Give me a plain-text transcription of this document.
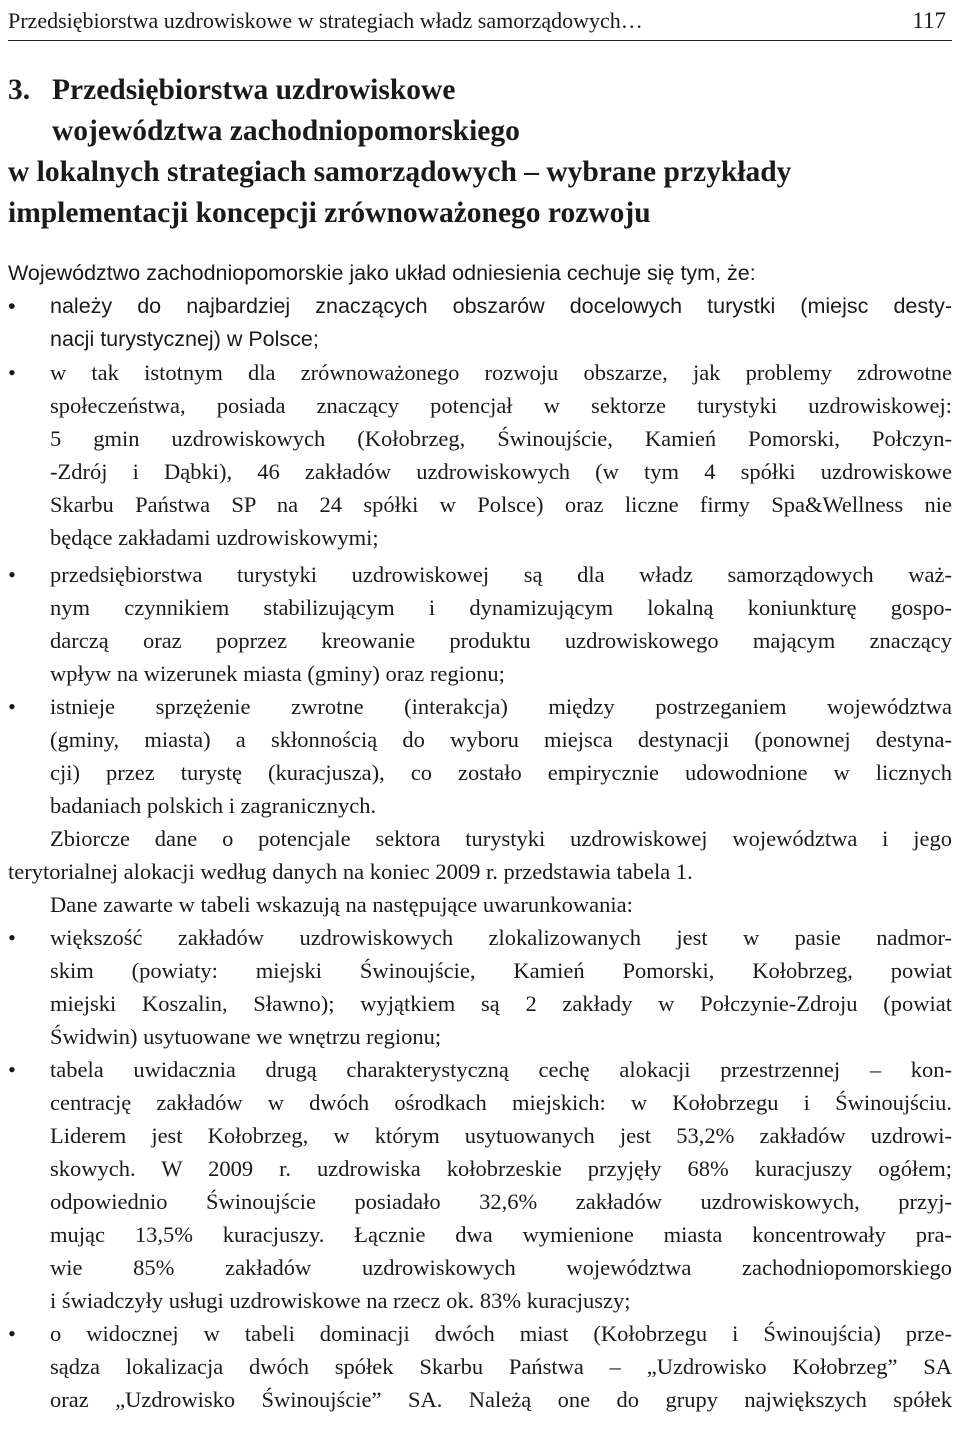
Przedsiębiorstwa uzdrowiskowe w strategiach władz samorządowych…	117
3. Przedsiębiorstwa uzdrowiskowe
województwa zachodniopomorskiego
w lokalnych strategiach samorządowych – wybrane przykłady
implementacji koncepcji zrównoważonego rozwoju
Województwo zachodniopomorskie jako układ odniesienia cechuje się tym, że:
•	należy do najbardziej znaczących obszarów docelowych turystki (miejsc desty-
nacji turystycznej) w Polsce;
•	w tak istotnym dla zrównoważonego rozwoju obszarze, jak problemy zdrowotne
społeczeństwa, posiada znaczący potencjał w sektorze turystyki uzdrowiskowej:
5 gmin uzdrowiskowych (Kołobrzeg, Świnoujście, Kamień Pomorski, Połczyn-
-Zdrój i Dąbki), 46 zakładów uzdrowiskowych (w tym 4 spółki uzdrowiskowe
Skarbu Państwa SP na 24 spółki w Polsce) oraz liczne firmy Spa&Wellness nie
będące zakładami uzdrowiskowymi;
•	przedsiębiorstwa turystyki uzdrowiskowej są dla władz samorządowych waż-
nym czynnikiem stabilizującym i dynamizującym lokalną koniunkturę gospo-
darczą oraz poprzez kreowanie produktu uzdrowiskowego mającym znaczący
wpływ na wizerunek miasta (gminy) oraz regionu;
•	istnieje sprzężenie zwrotne (interakcja) między postrzeganiem województwa
(gminy, miasta) a skłonnością do wyboru miejsca destynacji (ponownej destyna-
cji) przez turystę (kuracjusza), co zostało empirycznie udowodnione w licznych
badaniach polskich i zagranicznych.
Zbiorcze dane o potencjale sektora turystyki uzdrowiskowej województwa i jego
terytorialnej alokacji według danych na koniec 2009 r. przedstawia tabela 1.
Dane zawarte w tabeli wskazują na następujące uwarunkowania:
•	większość zakładów uzdrowiskowych zlokalizowanych jest w pasie nadmor-
skim (powiaty: miejski Świnoujście, Kamień Pomorski, Kołobrzeg, powiat
miejski Koszalin, Sławno); wyjątkiem są 2 zakłady w Połczynie-Zdroju (powiat
Świdwin) usytuowane we wnętrzu regionu;
•	tabela uwidacznia drugą charakterystyczną cechę alokacji przestrzennej – kon-
centrację zakładów w dwóch ośrodkach miejskich: w Kołobrzegu i Świnoujściu.
Liderem jest Kołobrzeg, w którym usytuowanych jest 53,2% zakładów uzdrowi-
skowych. W 2009 r. uzdrowiska kołobrzeskie przyjęły 68% kuracjuszy ogółem;
odpowiednio Świnoujście posiadało 32,6% zakładów uzdrowiskowych, przyj-
mując 13,5% kuracjuszy. Łącznie dwa wymienione miasta koncentrowały pra-
wie 85% zakładów uzdrowiskowych województwa zachodniopomorskiego
i świadczyły usługi uzdrowiskowe na rzecz ok. 83% kuracjuszy;
•	o widocznej w tabeli dominacji dwóch miast (Kołobrzegu i Świnoujścia) prze-
sądza lokalizacja dwóch spółek Skarbu Państwa – „Uzdrowisko Kołobrzeg” SA
oraz „Uzdrowisko Świnoujście” SA. Należą one do grupy największych spółek
